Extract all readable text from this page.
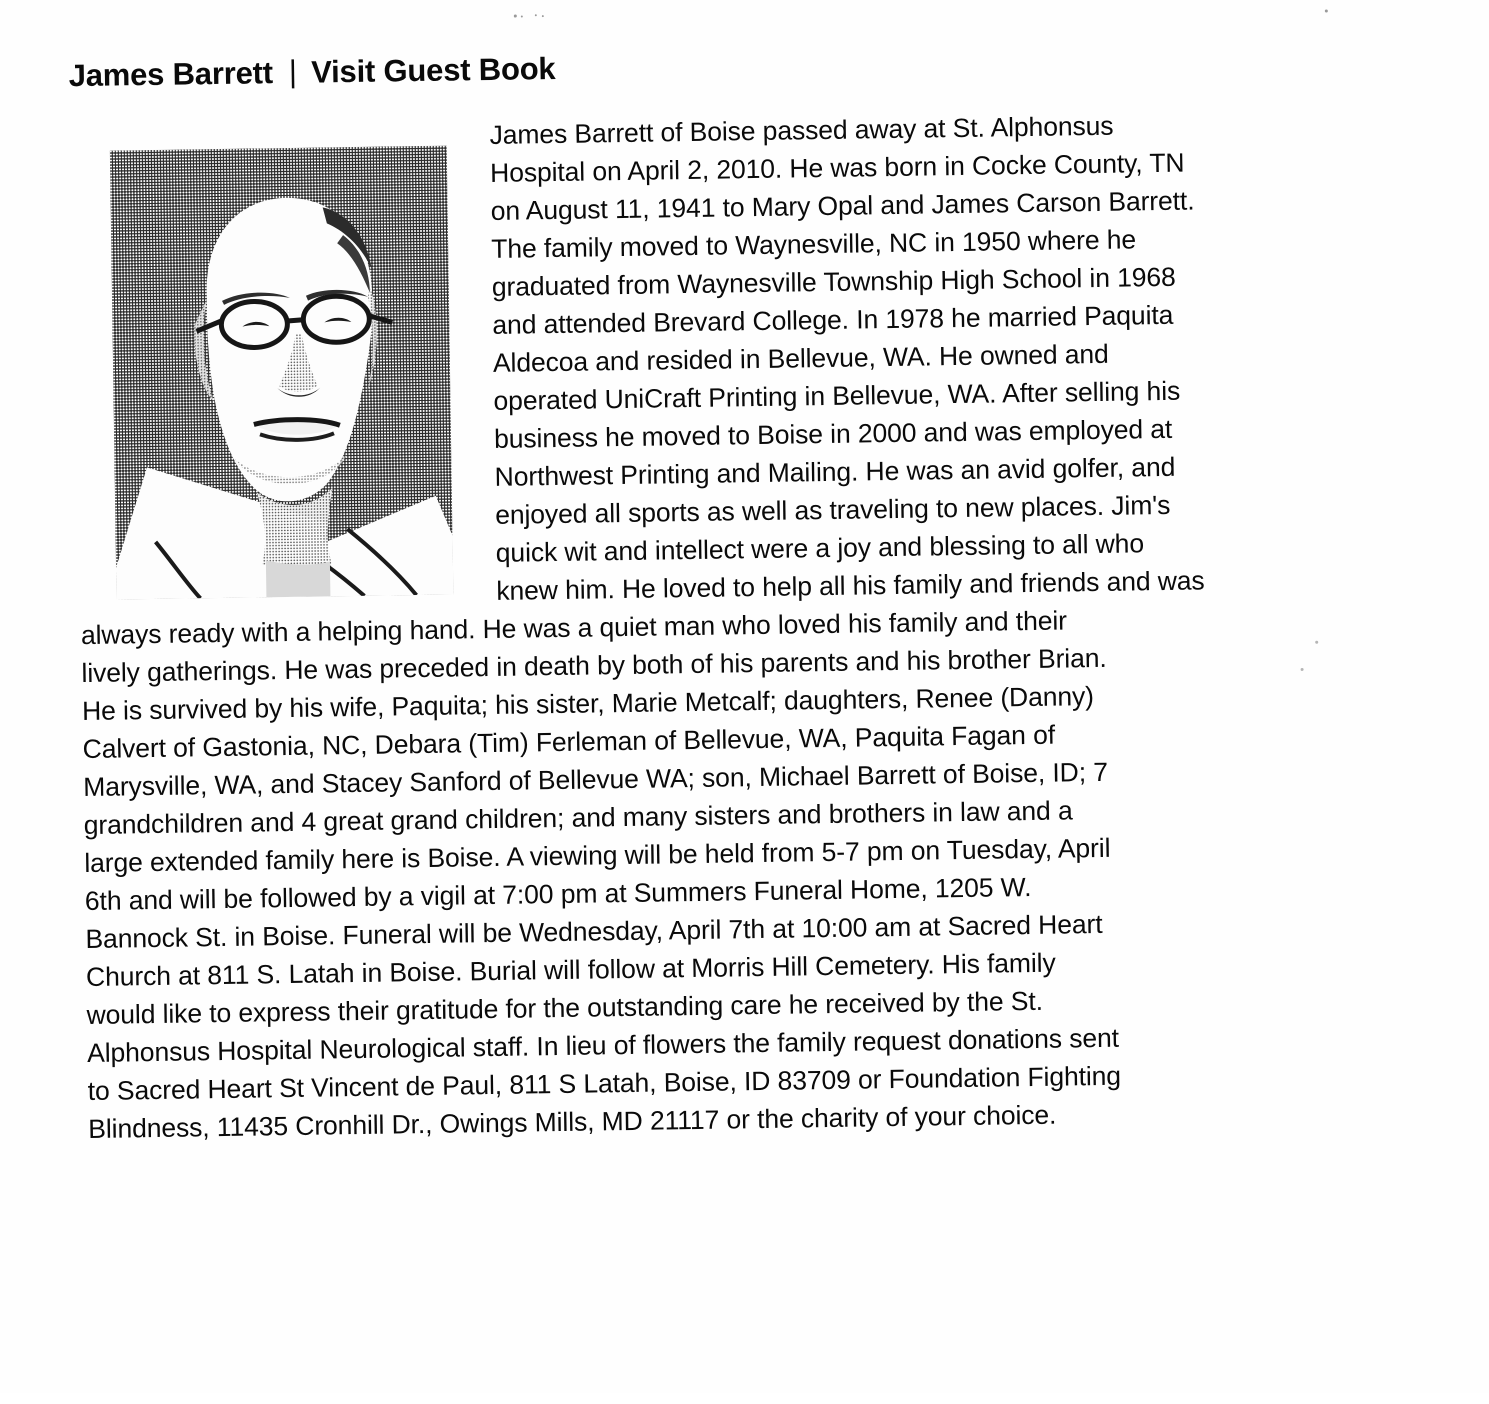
James Barrett | Visit Guest Book
James Barrett of Boise passed away at St. Alphonsus
Hospital on April 2, 2010. He was born in Cocke County, TN
on August 11, 1941 to Mary Opal and James Carson Barrett.
The family moved to Waynesville, NC in 1950 where he
graduated from Waynesville Township High School in 1968
and attended Brevard College. In 1978 he married Paquita
Aldecoa and resided in Bellevue, WA. He owned and
operated UniCraft Printing in Bellevue, WA. After selling his
business he moved to Boise in 2000 and was employed at
Northwest Printing and Mailing. He was an avid golfer, and
enjoyed all sports as well as traveling to new places. Jim's
quick wit and intellect were a joy and blessing to all who
knew him. He loved to help all his family and friends and was
always ready with a helping hand. He was a quiet man who loved his family and their
lively gatherings. He was preceded in death by both of his parents and his brother Brian.
He is survived by his wife, Paquita; his sister, Marie Metcalf; daughters, Renee (Danny)
Calvert of Gastonia, NC, Debara (Tim) Ferleman of Bellevue, WA, Paquita Fagan of
Marysville, WA, and Stacey Sanford of Bellevue WA; son, Michael Barrett of Boise, ID; 7
grandchildren and 4 great grand children; and many sisters and brothers in law and a
large extended family here is Boise. A viewing will be held from 5-7 pm on Tuesday, April
6th and will be followed by a vigil at 7:00 pm at Summers Funeral Home, 1205 W.
Bannock St. in Boise. Funeral will be Wednesday, April 7th at 10:00 am at Sacred Heart
Church at 811 S. Latah in Boise. Burial will follow at Morris Hill Cemetery. His family
would like to express their gratitude for the outstanding care he received by the St.
Alphonsus Hospital Neurological staff. In lieu of flowers the family request donations sent
to Sacred Heart St Vincent de Paul, 811 S Latah, Boise, ID 83709 or Foundation Fighting
Blindness, 11435 Cronhill Dr., Owings Mills, MD 21117 or the charity of your choice.
